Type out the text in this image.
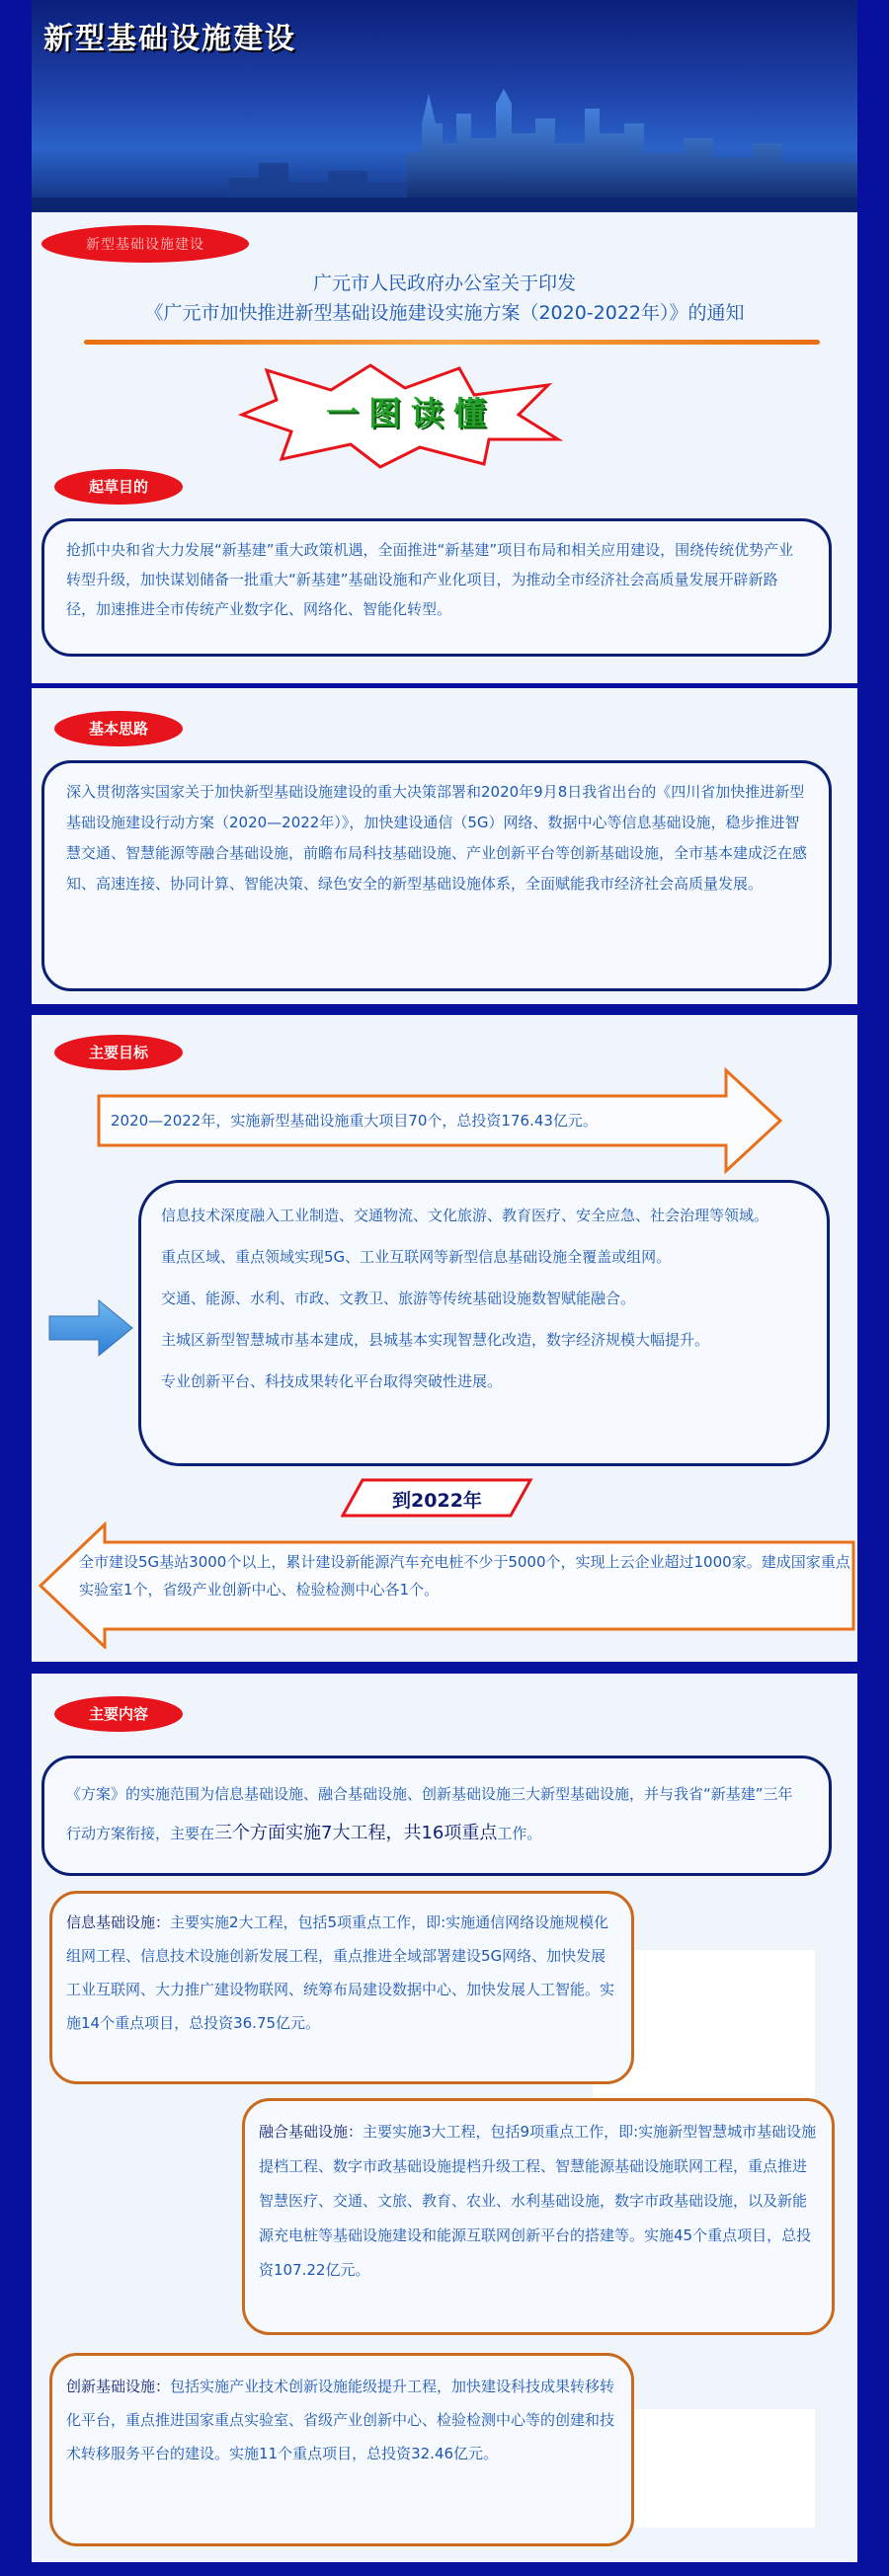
新型基础设施建设
新型基础设施建设
广元市人民政府办公室关于印发
《广元市加快推进新型基础设施建设实施方案（2020-2022年）》的通知
一图读懂
起草目的
抢抓中央和省大力发展“新基建”重大政策机遇，全面推进“新基建”项目布局和相关应用建设，围绕传统优势产业转型升级，加快谋划储备一批重大“新基建”基础设施和产业化项目，为推动全市经济社会高质量发展开辟新路径，加速推进全市传统产业数字化、网络化、智能化转型。
基本思路
深入贯彻落实国家关于加快新型基础设施建设的重大决策部署和2020年9月8日我省出台的《四川省加快推进新型基础设施建设行动方案（2020—2022年）》，加快建设通信（5G）网络、数据中心等信息基础设施，稳步推进智慧交通、智慧能源等融合基础设施，前瞻布局科技基础设施、产业创新平台等创新基础设施，全市基本建成泛在感知、高速连接、协同计算、智能决策、绿色安全的新型基础设施体系，全面赋能我市经济社会高质量发展。
主要目标
2020—2022年，实施新型基础设施重大项目70个，总投资176.43亿元。
信息技术深度融入工业制造、交通物流、文化旅游、教育医疗、安全应急、社会治理等领域。
重点区域、重点领域实现5G、工业互联网等新型信息基础设施全覆盖或组网。
交通、能源、水利、市政、文教卫、旅游等传统基础设施数智赋能融合。
主城区新型智慧城市基本建成，县城基本实现智慧化改造，数字经济规模大幅提升。
专业创新平台、科技成果转化平台取得突破性进展。
到2022年
全市建设5G基站3000个以上，累计建设新能源汽车充电桩不少于5000个，实现上云企业超过1000家。建成国家重点实验室1个，省级产业创新中心、检验检测中心各1个。
主要内容
《方案》的实施范围为信息基础设施、融合基础设施、创新基础设施三大新型基础设施，并与我省“新基建”三年行动方案衔接，主要在三个方面实施7大工程，共16项重点工作。
信息基础设施：主要实施2大工程，包括5项重点工作，即:实施通信网络设施规模化组网工程、信息技术设施创新发展工程，重点推进全域部署建设5G网络、加快发展工业互联网、大力推广建设物联网、统筹布局建设数据中心、加快发展人工智能。实施14个重点项目，总投资36.75亿元。
融合基础设施：主要实施3大工程，包括9项重点工作，即:实施新型智慧城市基础设施提档工程、数字市政基础设施提档升级工程、智慧能源基础设施联网工程，重点推进智慧医疗、交通、文旅、教育、农业、水利基础设施，数字市政基础设施，以及新能源充电桩等基础设施建设和能源互联网创新平台的搭建等。实施45个重点项目，总投资107.22亿元。
创新基础设施：包括实施产业技术创新设施能级提升工程，加快建设科技成果转移转化平台，重点推进国家重点实验室、省级产业创新中心、检验检测中心等的创建和技术转移服务平台的建设。实施11个重点项目，总投资32.46亿元。
